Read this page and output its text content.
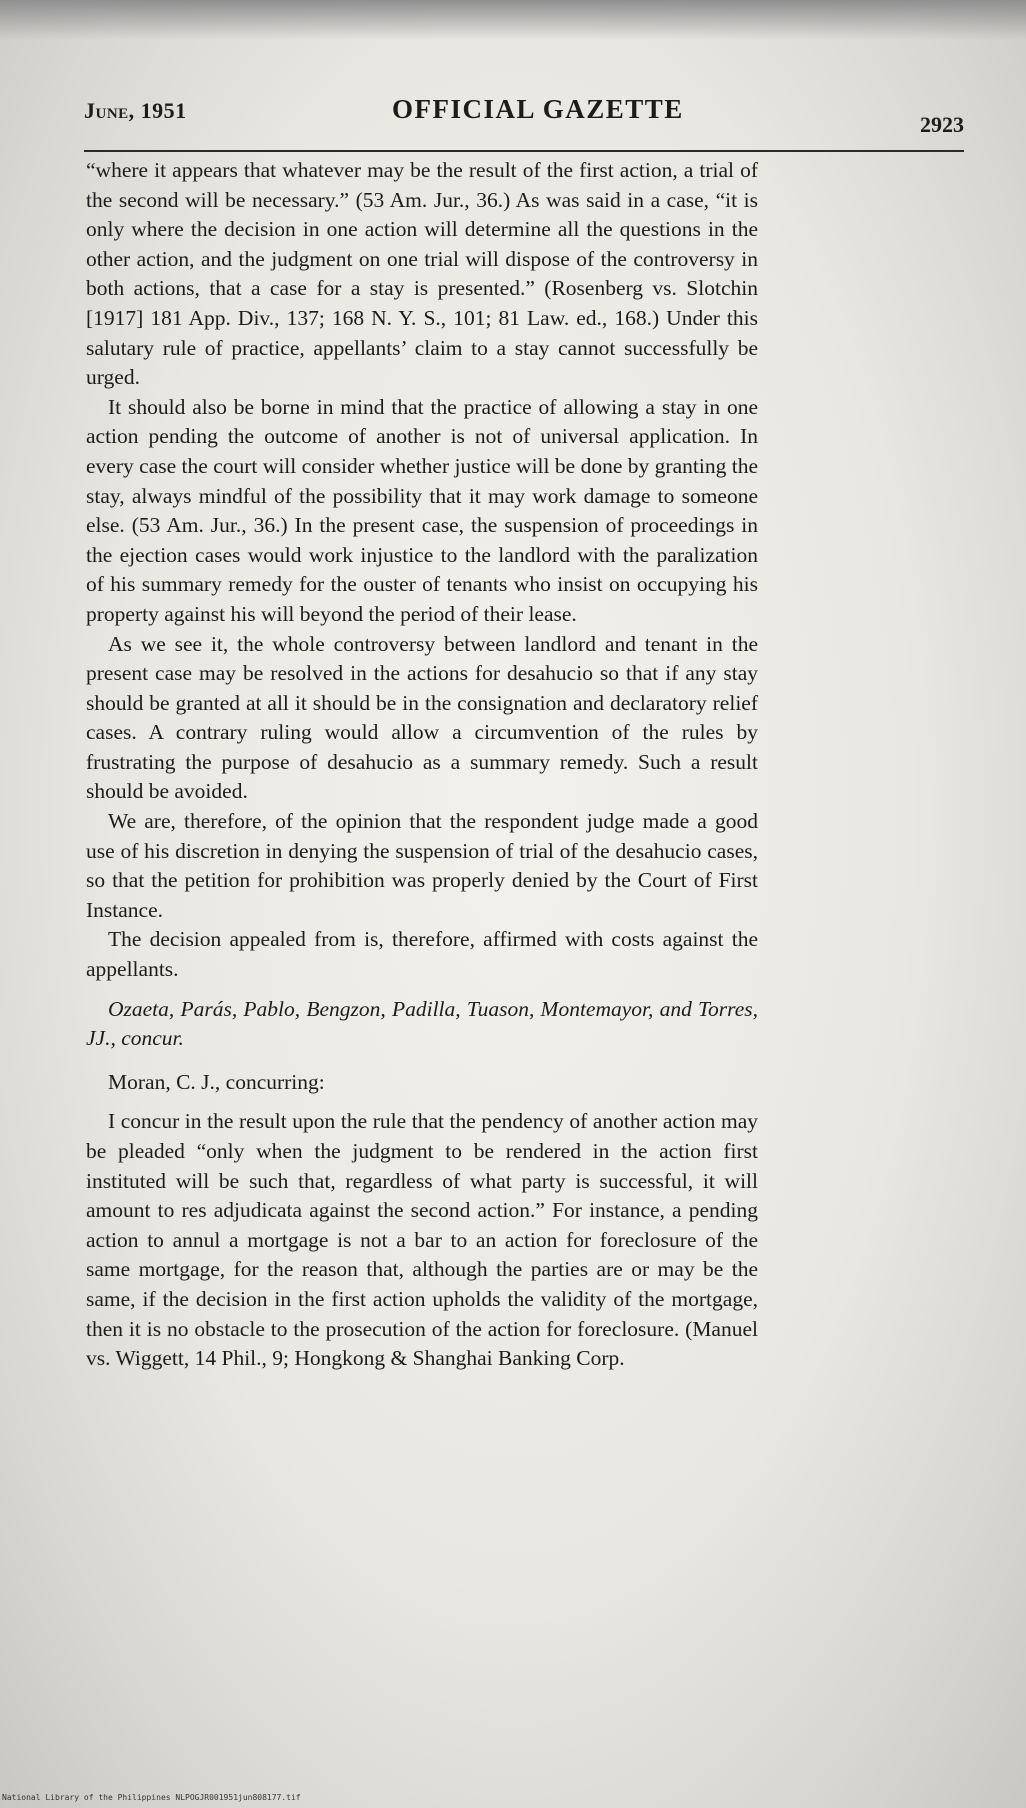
June, 1951	OFFICIAL GAZETTE
2923

“where it appears that whatever may be the result of the first action, a trial of the second will be necessary.” (53 Am. Jur., 36.) As was said in a case, “it is only where the decision in one action will determine all the questions in the other action, and the judgment on one trial will dispose of the controversy in both actions, that a case for a stay is presented.” (Rosenberg vs. Slotchin [1917] 181 App. Div., 137; 168 N. Y. S., 101; 81 Law. ed., 168.) Under this salutary rule of practice, appellants’ claim to a stay cannot successfully be urged.

It should also be borne in mind that the practice of allowing a stay in one action pending the outcome of another is not of universal application. In every case the court will consider whether justice will be done by granting the stay, always mindful of the possibility that it may work damage to someone else. (53 Am. Jur., 36.) In the present case, the suspension of proceedings in the ejection cases would work injustice to the landlord with the paralization of his summary remedy for the ouster of tenants who insist on occupying his property against his will beyond the period of their lease.

As we see it, the whole controversy between landlord and tenant in the present case may be resolved in the actions for desahucio so that if any stay should be granted at all it should be in the consignation and declaratory relief cases. A contrary ruling would allow a circumvention of the rules by frustrating the purpose of desahucio as a summary remedy. Such a result should be avoided.

We are, therefore, of the opinion that the respondent judge made a good use of his discretion in denying the suspension of trial of the desahucio cases, so that the petition for prohibition was properly denied by the Court of First Instance.

The decision appealed from is, therefore, affirmed with costs against the appellants.

Ozaeta, Parás, Pablo, Bengzon, Padilla, Tuason, Montemayor, and Torres, JJ., concur.

Moran, C. J., concurring:

I concur in the result upon the rule that the pendency of another action may be pleaded “only when the judgment to be rendered in the action first instituted will be such that, regardless of what party is successful, it will amount to res adjudicata against the second action.” For instance, a pending action to annul a mortgage is not a bar to an action for foreclosure of the same mortgage, for the reason that, although the parties are or may be the same, if the decision in the first action upholds the validity of the mortgage, then it is no obstacle to the prosecution of the action for foreclosure. (Manuel vs. Wiggett, 14 Phil., 9; Hongkong & Shanghai Banking Corp.

National Library of the Philippines NLPOGJR001951jun808177.tif
